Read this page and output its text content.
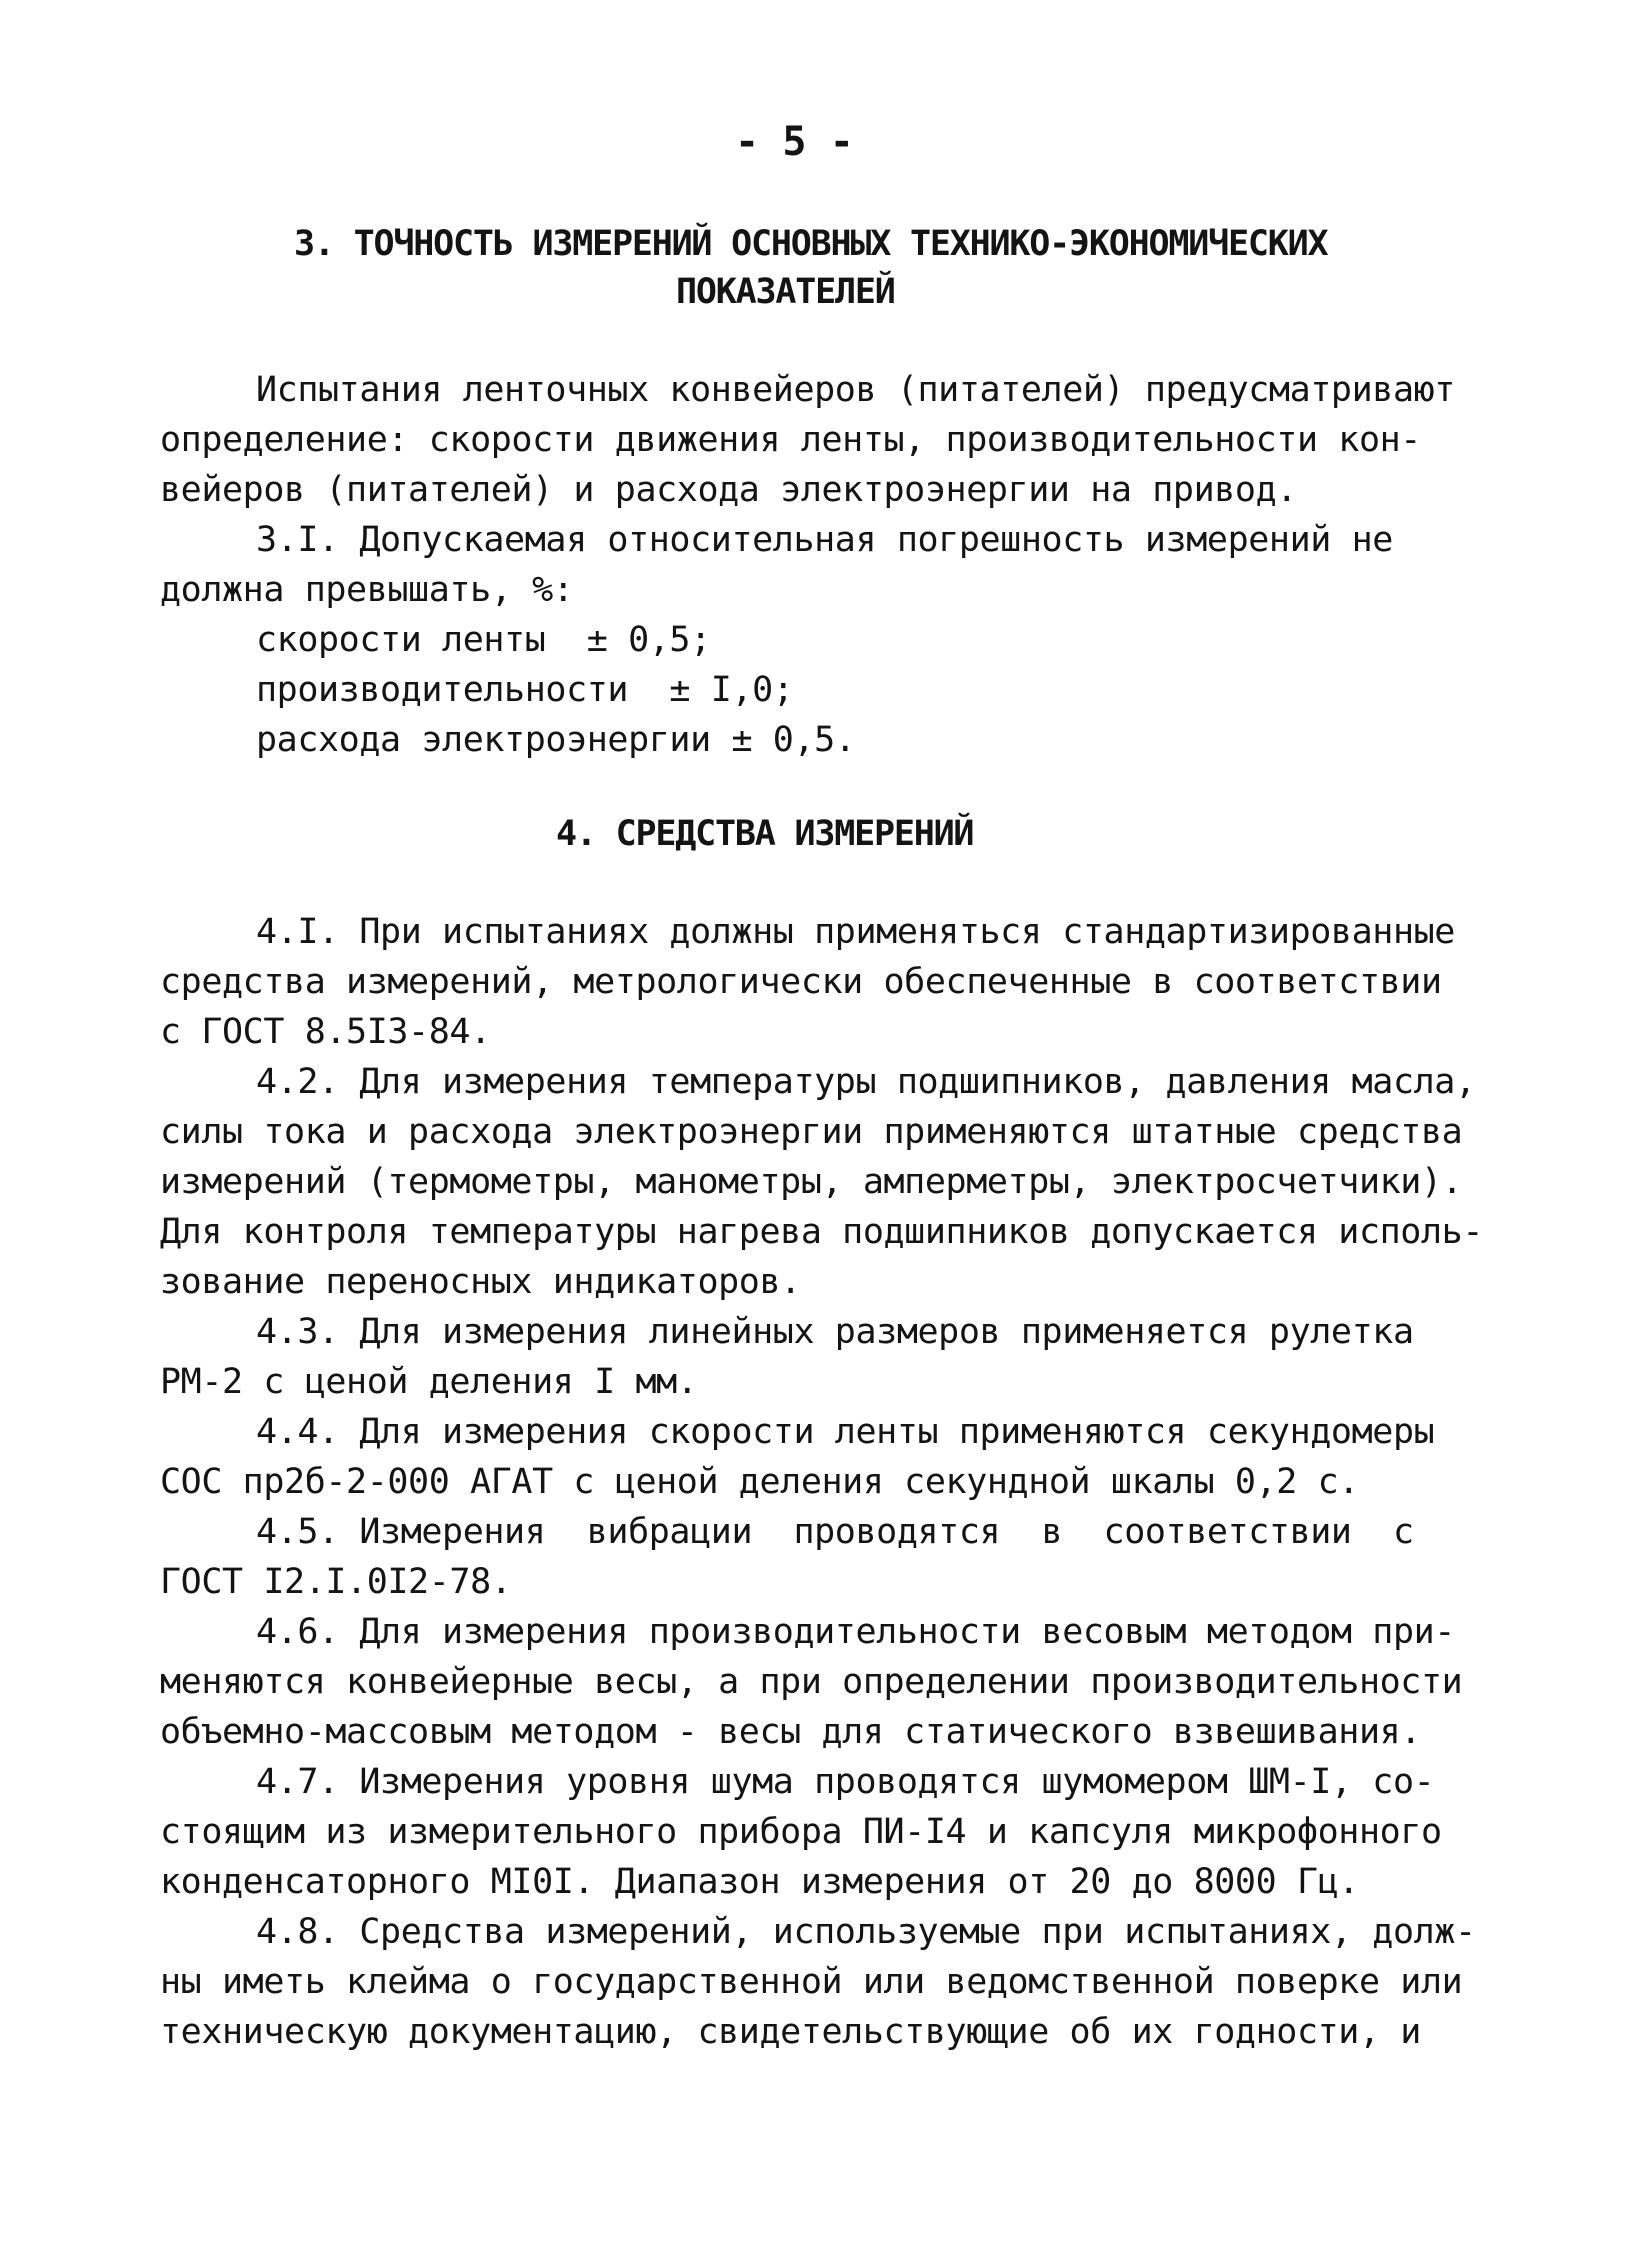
- 5 -
3. ТОЧНОСТЬ ИЗМЕРЕНИЙ ОСНОВНЫХ ТЕХНИКО-ЭКОНОМИЧЕСКИХ
ПОКАЗАТЕЛЕЙ
Испытания ленточных конвейеров (питателей) предусматривают
определение: скорости движения ленты, производительности кон-
вейеров (питателей) и расхода электроэнергии на привод.
3.I. Допускаемая относительная погрешность измерений не
должна превышать, %:
скорости ленты  ± 0,5;
производительности  ± I,0;
расхода электроэнергии ± 0,5.
4. СРЕДСТВА ИЗМЕРЕНИЙ
4.I. При испытаниях должны применяться стандартизированные
средства измерений, метрологически обеспеченные в соответствии
с ГОСТ 8.5I3-84.
4.2. Для измерения температуры подшипников, давления масла,
силы тока и расхода электроэнергии применяются штатные средства
измерений (термометры, манометры, амперметры, электросчетчики).
Для контроля температуры нагрева подшипников допускается исполь-
зование переносных индикаторов.
4.3. Для измерения линейных размеров применяется рулетка
РМ-2 с ценой деления I мм.
4.4. Для измерения скорости ленты применяются секундомеры
СОС пр2б-2-000 АГАТ с ценой деления секундной шкалы 0,2 с.
4.5. Измерения  вибрации  проводятся  в  соответствии  с
ГОСТ I2.I.0I2-78.
4.6. Для измерения производительности весовым методом при-
меняются конвейерные весы, а при определении производительности
объемно-массовым методом - весы для статического взвешивания.
4.7. Измерения уровня шума проводятся шумомером ШМ-I, со-
стоящим из измерительного прибора ПИ-I4 и капсуля микрофонного
конденсаторного МI0I. Диапазон измерения от 20 до 8000 Гц.
4.8. Средства измерений, используемые при испытаниях, долж-
ны иметь клейма о государственной или ведомственной поверке или
техническую документацию, свидетельствующие об их годности, и
